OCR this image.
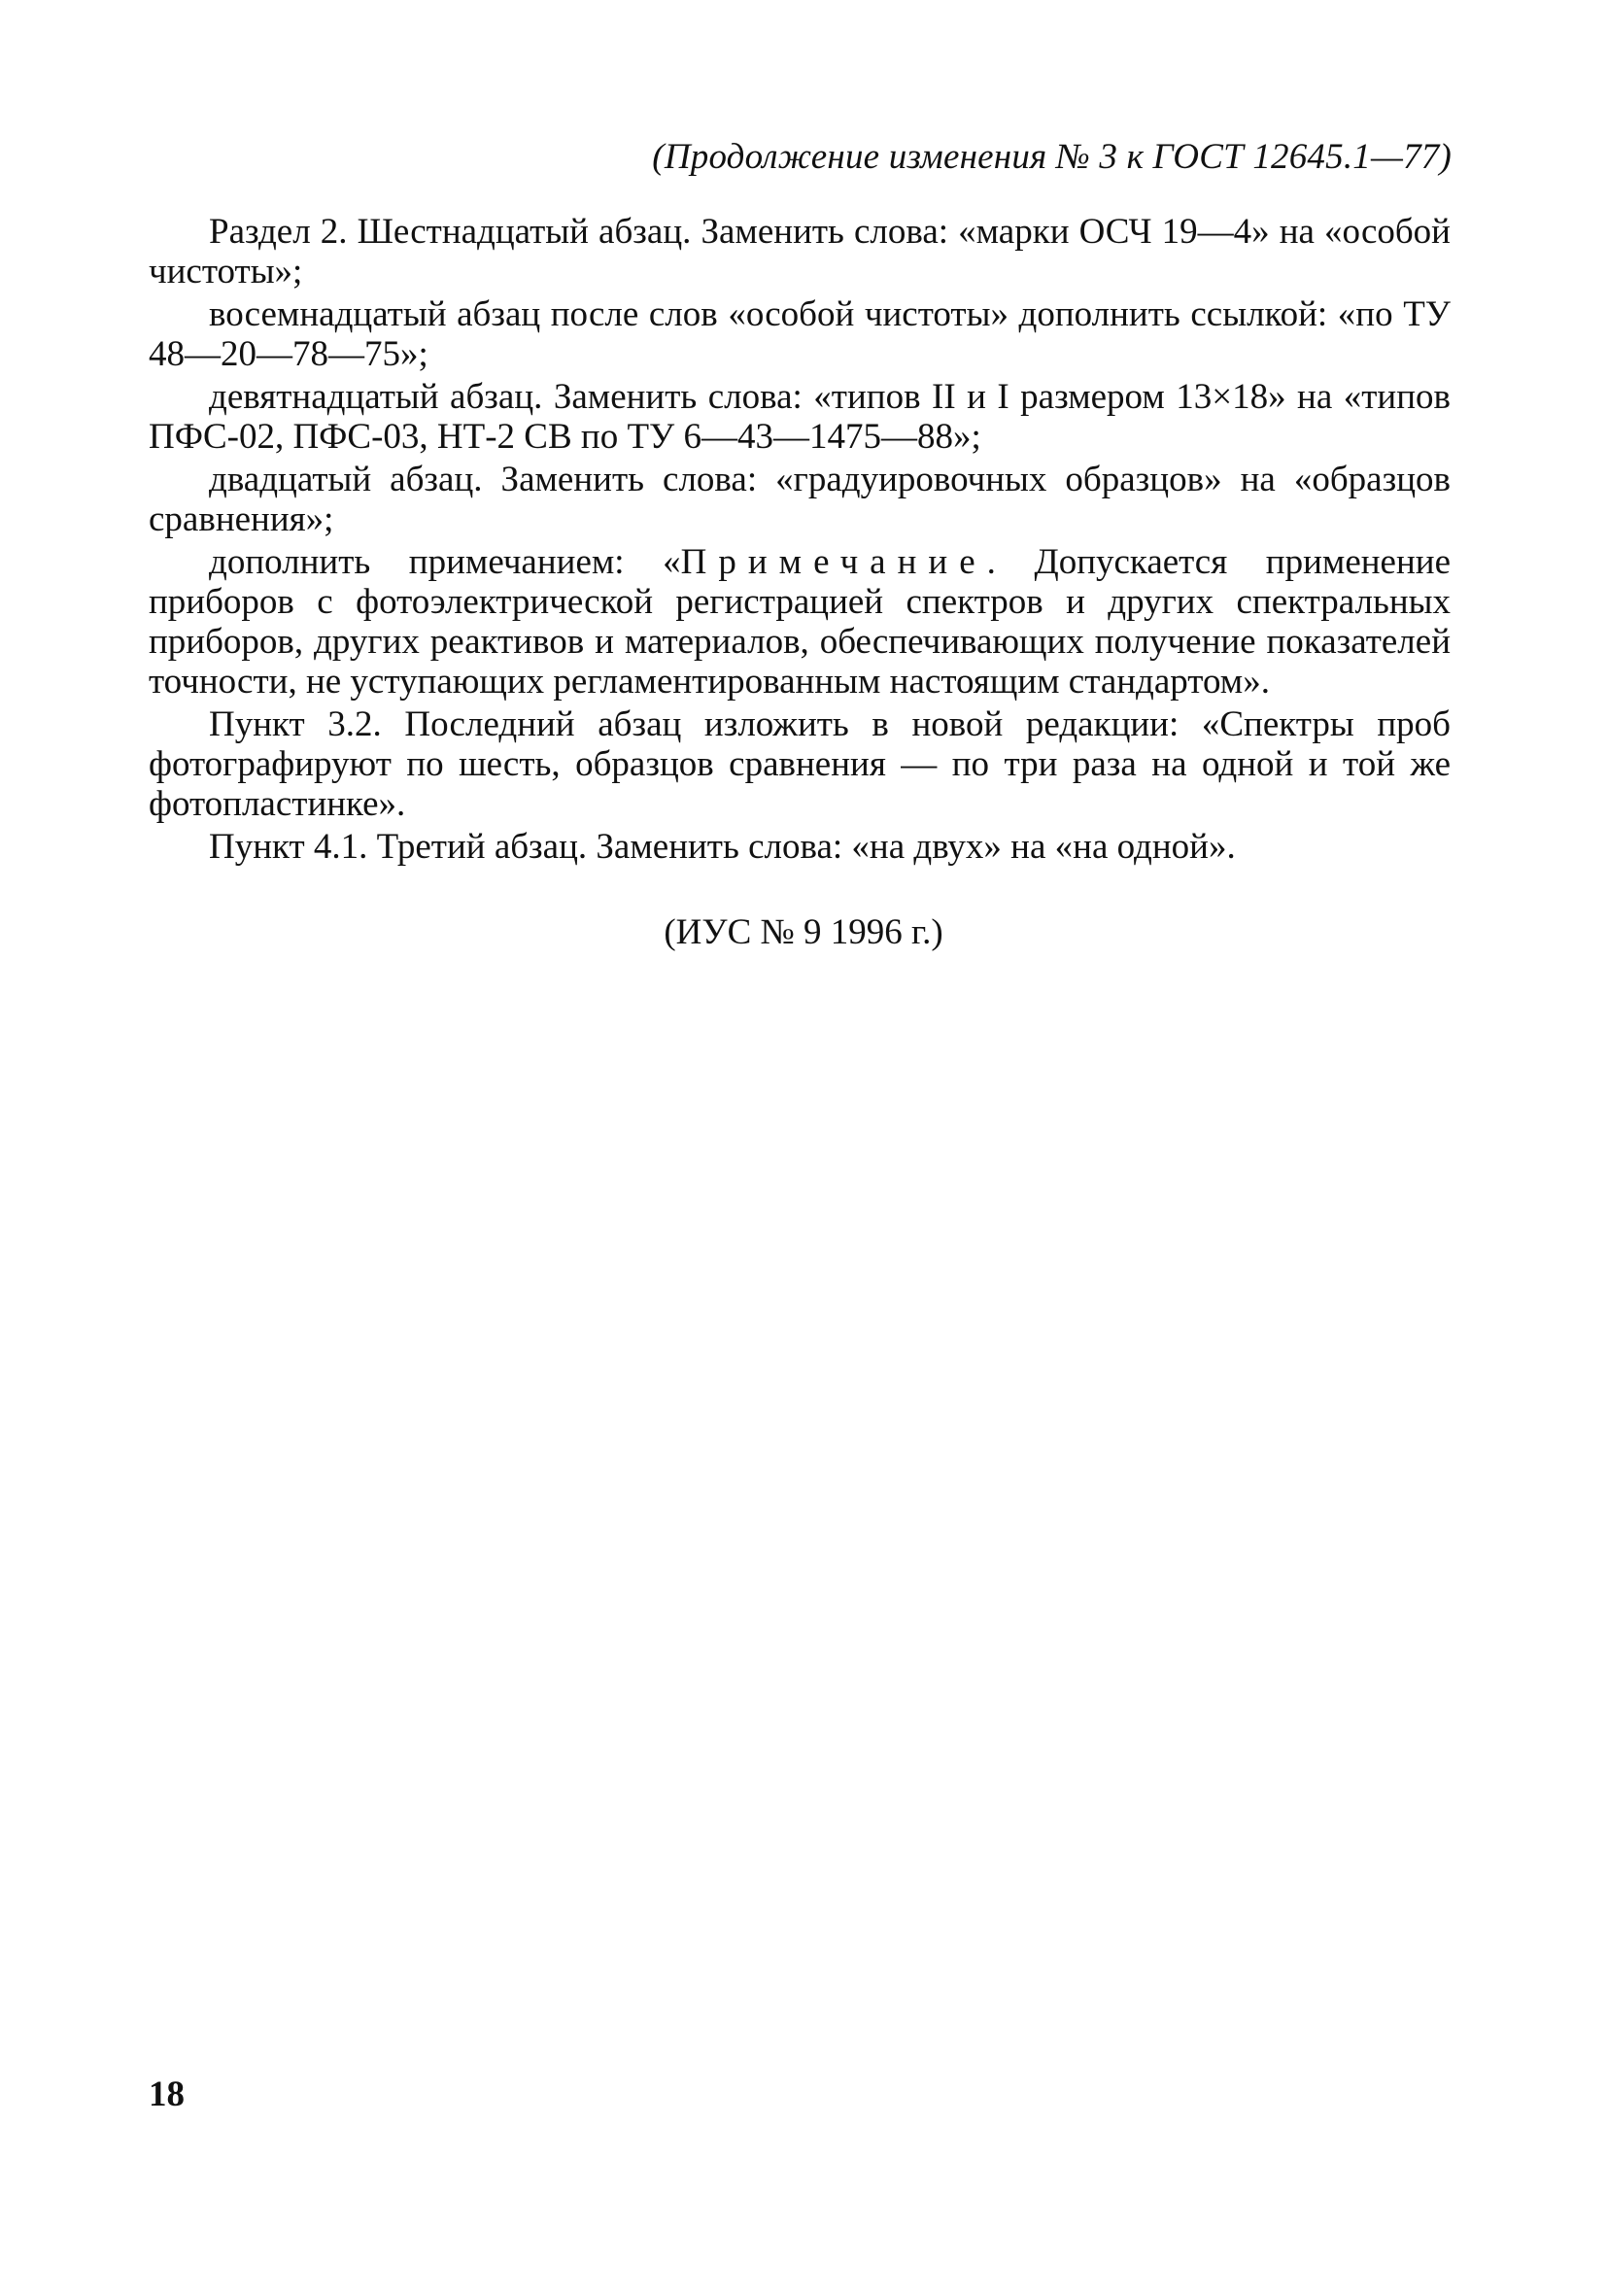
(Продолжение изменения № 3 к ГОСТ 12645.1—77)

Раздел 2. Шестнадцатый абзац. Заменить слова: «марки ОСЧ 19—4» на «особой чистоты»;

восемнадцатый абзац после слов «особой чистоты» дополнить ссылкой: «по ТУ 48—20—78—75»;

девятнадцатый абзац. Заменить слова: «типов II и I размером 13×18» на «типов ПФС-02, ПФС-03, НТ-2 СВ по ТУ 6—43—1475—88»;

двадцатый абзац. Заменить слова: «градуировочных образцов» на «образцов сравнения»;

дополнить примечанием: «Примечание. Допускается применение приборов с фотоэлектрической регистрацией спектров и других спектральных приборов, других реактивов и материалов, обеспечивающих получение показателей точности, не уступающих регламентированным настоящим стандартом».

Пункт 3.2. Последний абзац изложить в новой редакции: «Спектры проб фотографируют по шесть, образцов сравнения — по три раза на одной и той же фотопластинке».

Пункт 4.1. Третий абзац. Заменить слова: «на двух» на «на одной».

(ИУС № 9 1996 г.)
18
